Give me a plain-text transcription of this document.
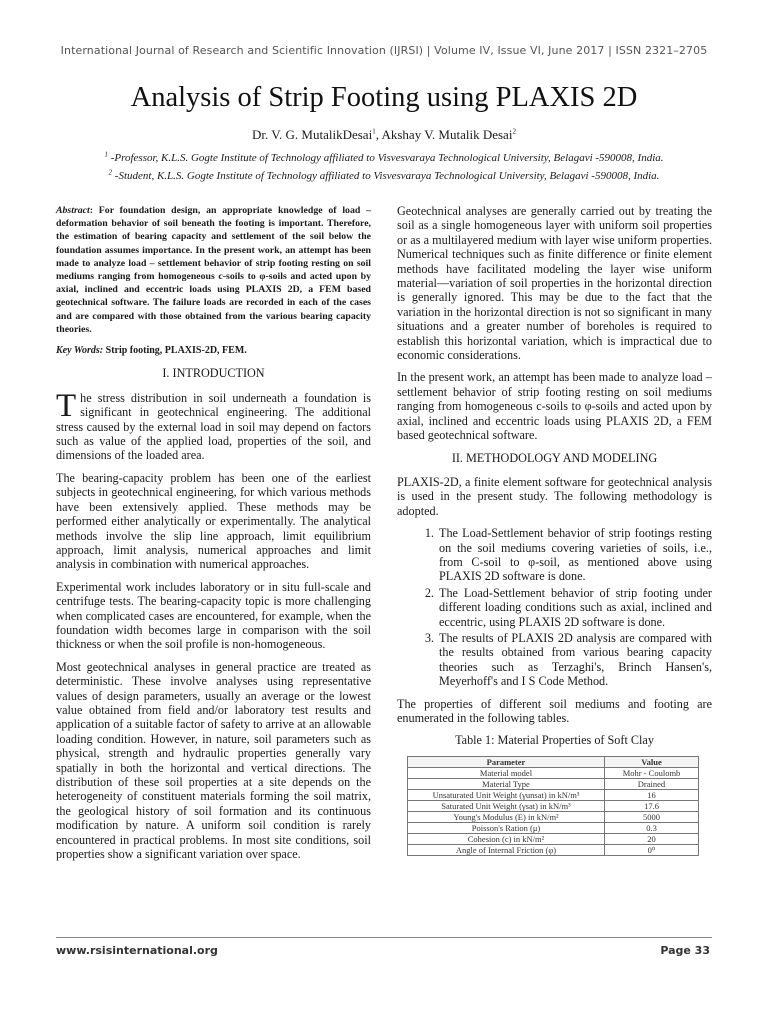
International Journal of Research and Scientific Innovation (IJRSI) | Volume IV, Issue VI, June 2017 | ISSN 2321–2705
Analysis of Strip Footing using PLAXIS 2D
Dr. V. G. MutalikDesai$^1$, Akshay V. Mutalik Desai$^2$
$^1$ -Professor, K.L.S. Gogte Institute of Technology affiliated to Visvesvaraya Technological University, Belagavi -590008, India.
$^2$ -Student, K.L.S. Gogte Institute of Technology affiliated to Visvesvaraya Technological University, Belagavi -590008, India.

Abstract: For foundation design, an appropriate knowledge of load – deformation behavior of soil beneath the footing is important. Therefore, the estimation of bearing capacity and settlement of the soil below the foundation assumes importance. In the present work, an attempt has been made to analyze load – settlement behavior of strip footing resting on soil mediums ranging from homogeneous c-soils to φ-soils and acted upon by axial, inclined and eccentric loads using PLAXIS 2D, a FEM based geotechnical software. The failure loads are recorded in each of the cases and are compared with those obtained from the various bearing capacity theories.

Key Words: Strip footing, PLAXIS-2D, FEM.

I. INTRODUCTION

The stress distribution in soil underneath a foundation is significant in geotechnical engineering. The additional stress caused by the external load in soil may depend on factors such as value of the applied load, properties of the soil, and dimensions of the loaded area.

The bearing-capacity problem has been one of the earliest subjects in geotechnical engineering, for which various methods have been extensively applied. These methods may be performed either analytically or experimentally. The analytical methods involve the slip line approach, limit equilibrium approach, limit analysis, numerical approaches and limit analysis in combination with numerical approaches.

Experimental work includes laboratory or in situ full-scale and centrifuge tests. The bearing-capacity topic is more challenging when complicated cases are encountered, for example, when the foundation width becomes large in comparison with the soil thickness or when the soil profile is non-homogeneous.

Most geotechnical analyses in general practice are treated as deterministic. These involve analyses using representative values of design parameters, usually an average or the lowest value obtained from field and/or laboratory test results and application of a suitable factor of safety to arrive at an allowable loading condition. However, in nature, soil parameters such as physical, strength and hydraulic properties generally vary spatially in both the horizontal and vertical directions. The distribution of these soil properties at a site depends on the heterogeneity of constituent materials forming the soil matrix, the geological history of soil formation and its continuous modification by nature. A uniform soil condition is rarely encountered in practical problems. In most site conditions, soil properties show a significant variation over space.

Geotechnical analyses are generally carried out by treating the soil as a single homogeneous layer with uniform soil properties or as a multilayered medium with layer wise uniform properties. Numerical techniques such as finite difference or finite element methods have facilitated modeling the layer wise uniform material—variation of soil properties in the horizontal direction is generally ignored. This may be due to the fact that the variation in the horizontal direction is not so significant in many situations and a greater number of boreholes is required to establish this horizontal variation, which is impractical due to economic considerations.

In the present work, an attempt has been made to analyze load – settlement behavior of strip footing resting on soil mediums ranging from homogeneous c-soils to φ-soils and acted upon by axial, inclined and eccentric loads using PLAXIS 2D, a FEM based geotechnical software.

II. METHODOLOGY AND MODELING

PLAXIS-2D, a finite element software for geotechnical analysis is used in the present study. The following methodology is adopted.

1. The Load-Settlement behavior of strip footings resting on the soil mediums covering varieties of soils, i.e., from C-soil to φ-soil, as mentioned above using PLAXIS 2D software is done.
2. The Load-Settlement behavior of strip footing under different loading conditions such as axial, inclined and eccentric, using PLAXIS 2D software is done.
3. The results of PLAXIS 2D analysis are compared with the results obtained from various bearing capacity theories such as Terzaghi's, Brinch Hansen's, Meyerhoff's and I S Code Method.

The properties of different soil mediums and footing are enumerated in the following tables.

Table 1: Material Properties of Soft Clay
Parameter	Value
Material model	Mohr - Coulomb
Material Type	Drained
Unsaturated Unit Weight (γunsat) in kN/m³	16
Saturated Unit Weight (γsat) in kN/m³	17.6
Young's Modulus (E) in kN/m²	5000
Poisson's Ration (μ)	0.3
Cohesion (c) in kN/m²	20
Angle of Internal Friction (φ)	0⁰
www.rsisinternational.org	Page 33
